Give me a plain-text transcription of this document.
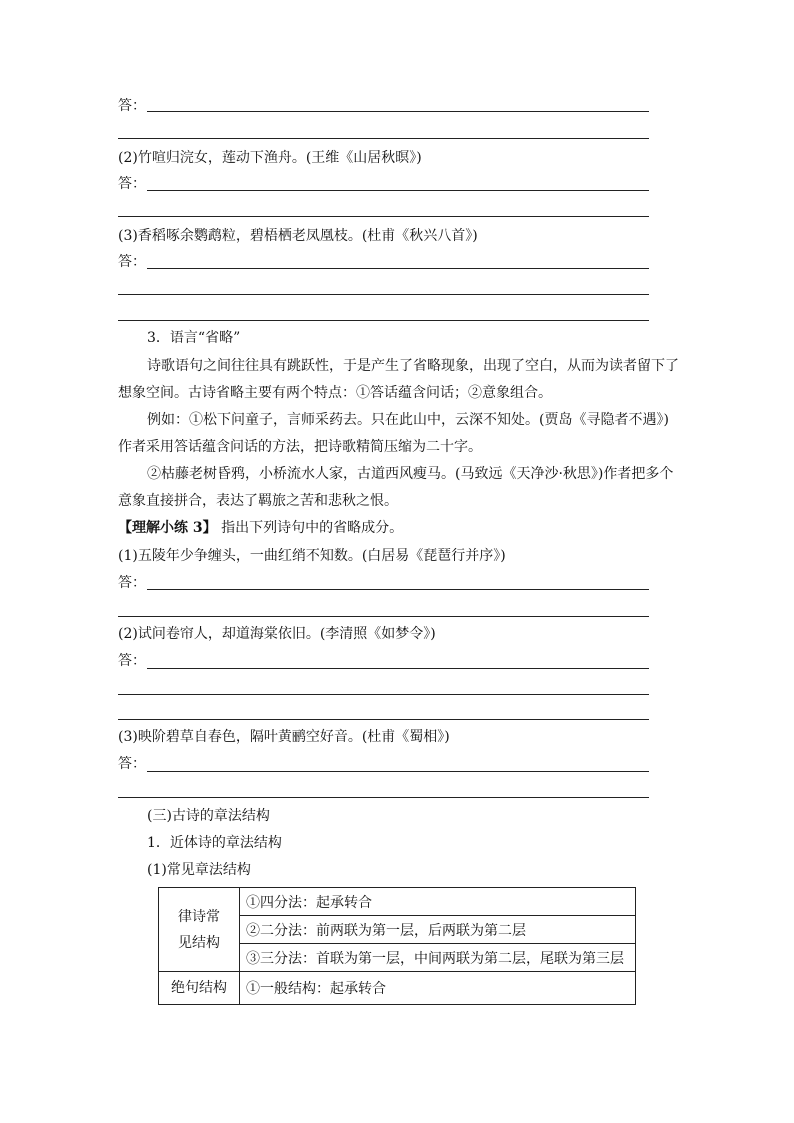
答：
(2)竹喧归浣女，莲动下渔舟。(王维《山居秋暝》)
答：
(3)香稻啄余鹦鹉粒，碧梧栖老凤凰枝。(杜甫《秋兴八首》)
答：
3．语言“省略”
诗歌语句之间往往具有跳跃性，于是产生了省略现象，出现了空白，从而为读者留下了
想象空间。古诗省略主要有两个特点：①答话蕴含问话；②意象组合。
例如：①松下问童子，言师采药去。只在此山中，云深不知处。(贾岛《寻隐者不遇》)
作者采用答话蕴含问话的方法，把诗歌精简压缩为二十字。
②枯藤老树昏鸦，小桥流水人家，古道西风瘦马。(马致远《天净沙·秋思》)作者把多个
意象直接拼合，表达了羁旅之苦和悲秋之恨。
【理解小练 3】 指出下列诗句中的省略成分。
(1)五陵年少争缠头，一曲红绡不知数。(白居易《琵琶行并序》)
答：
(2)试问卷帘人，却道海棠依旧。(李清照《如梦令》)
答：
(3)映阶碧草自春色，隔叶黄鹂空好音。(杜甫《蜀相》)
答：
(三)古诗的章法结构
1．近体诗的章法结构
(1)常见章法结构
律诗常
见结构	①四分法：起承转合
	②二分法：前两联为第一层，后两联为第二层
	③三分法：首联为第一层，中间两联为第二层，尾联为第三层
绝句结构	①一般结构：起承转合
